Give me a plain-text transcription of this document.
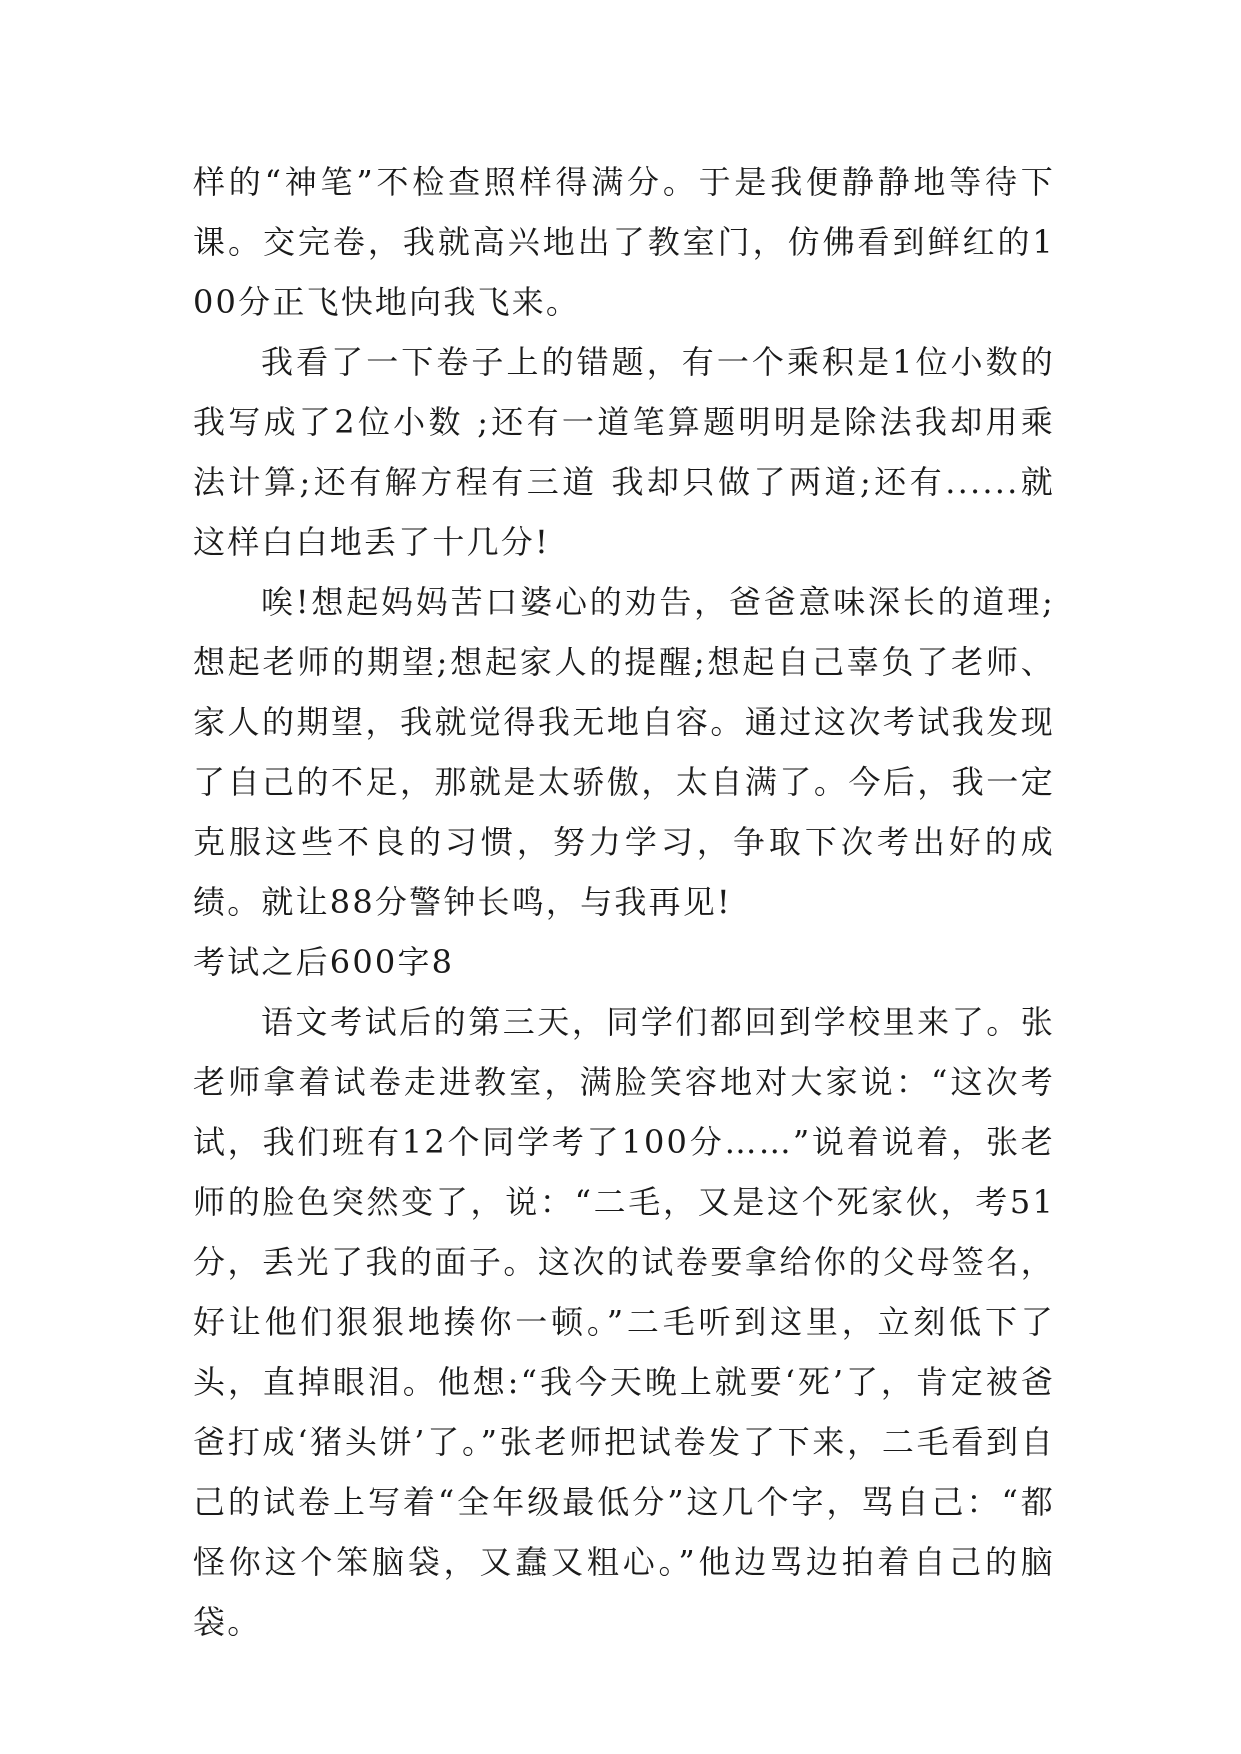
样的“神笔”不检查照样得满分。于是我便静静地等待下课。交完卷，我就高兴地出了教室门，仿佛看到鲜红的100分正飞快地向我飞来。

我看了一下卷子上的错题，有一个乘积是1位小数的我写成了2位小数 ;还有一道笔算题明明是除法我却用乘法计算;还有解方程有三道 我却只做了两道;还有......就这样白白地丢了十几分!

唉!想起妈妈苦口婆心的劝告，爸爸意味深长的道理;想起老师的期望;想起家人的提醒;想起自己辜负了老师、家人的期望，我就觉得我无地自容。通过这次考试我发现了自己的不足，那就是太骄傲，太自满了。今后，我一定克服这些不良的习惯，努力学习，争取下次考出好的成绩。就让88分警钟长鸣，与我再见!

考试之后600字8

语文考试后的第三天，同学们都回到学校里来了。张老师拿着试卷走进教室，满脸笑容地对大家说：“这次考试，我们班有12个同学考了100分……”说着说着，张老师的脸色突然变了，说：“二毛，又是这个死家伙，考51分，丢光了我的面子。这次的试卷要拿给你的父母签名，好让他们狠狠地揍你一顿。”二毛听到这里，立刻低下了头，直掉眼泪。他想:“我今天晚上就要‘死’了，肯定被爸爸打成‘猪头饼’了。”张老师把试卷发了下来，二毛看到自己的试卷上写着“全年级最低分”这几个字，骂自己：“都怪你这个笨脑袋，又蠢又粗心。”他边骂边拍着自己的脑袋。
